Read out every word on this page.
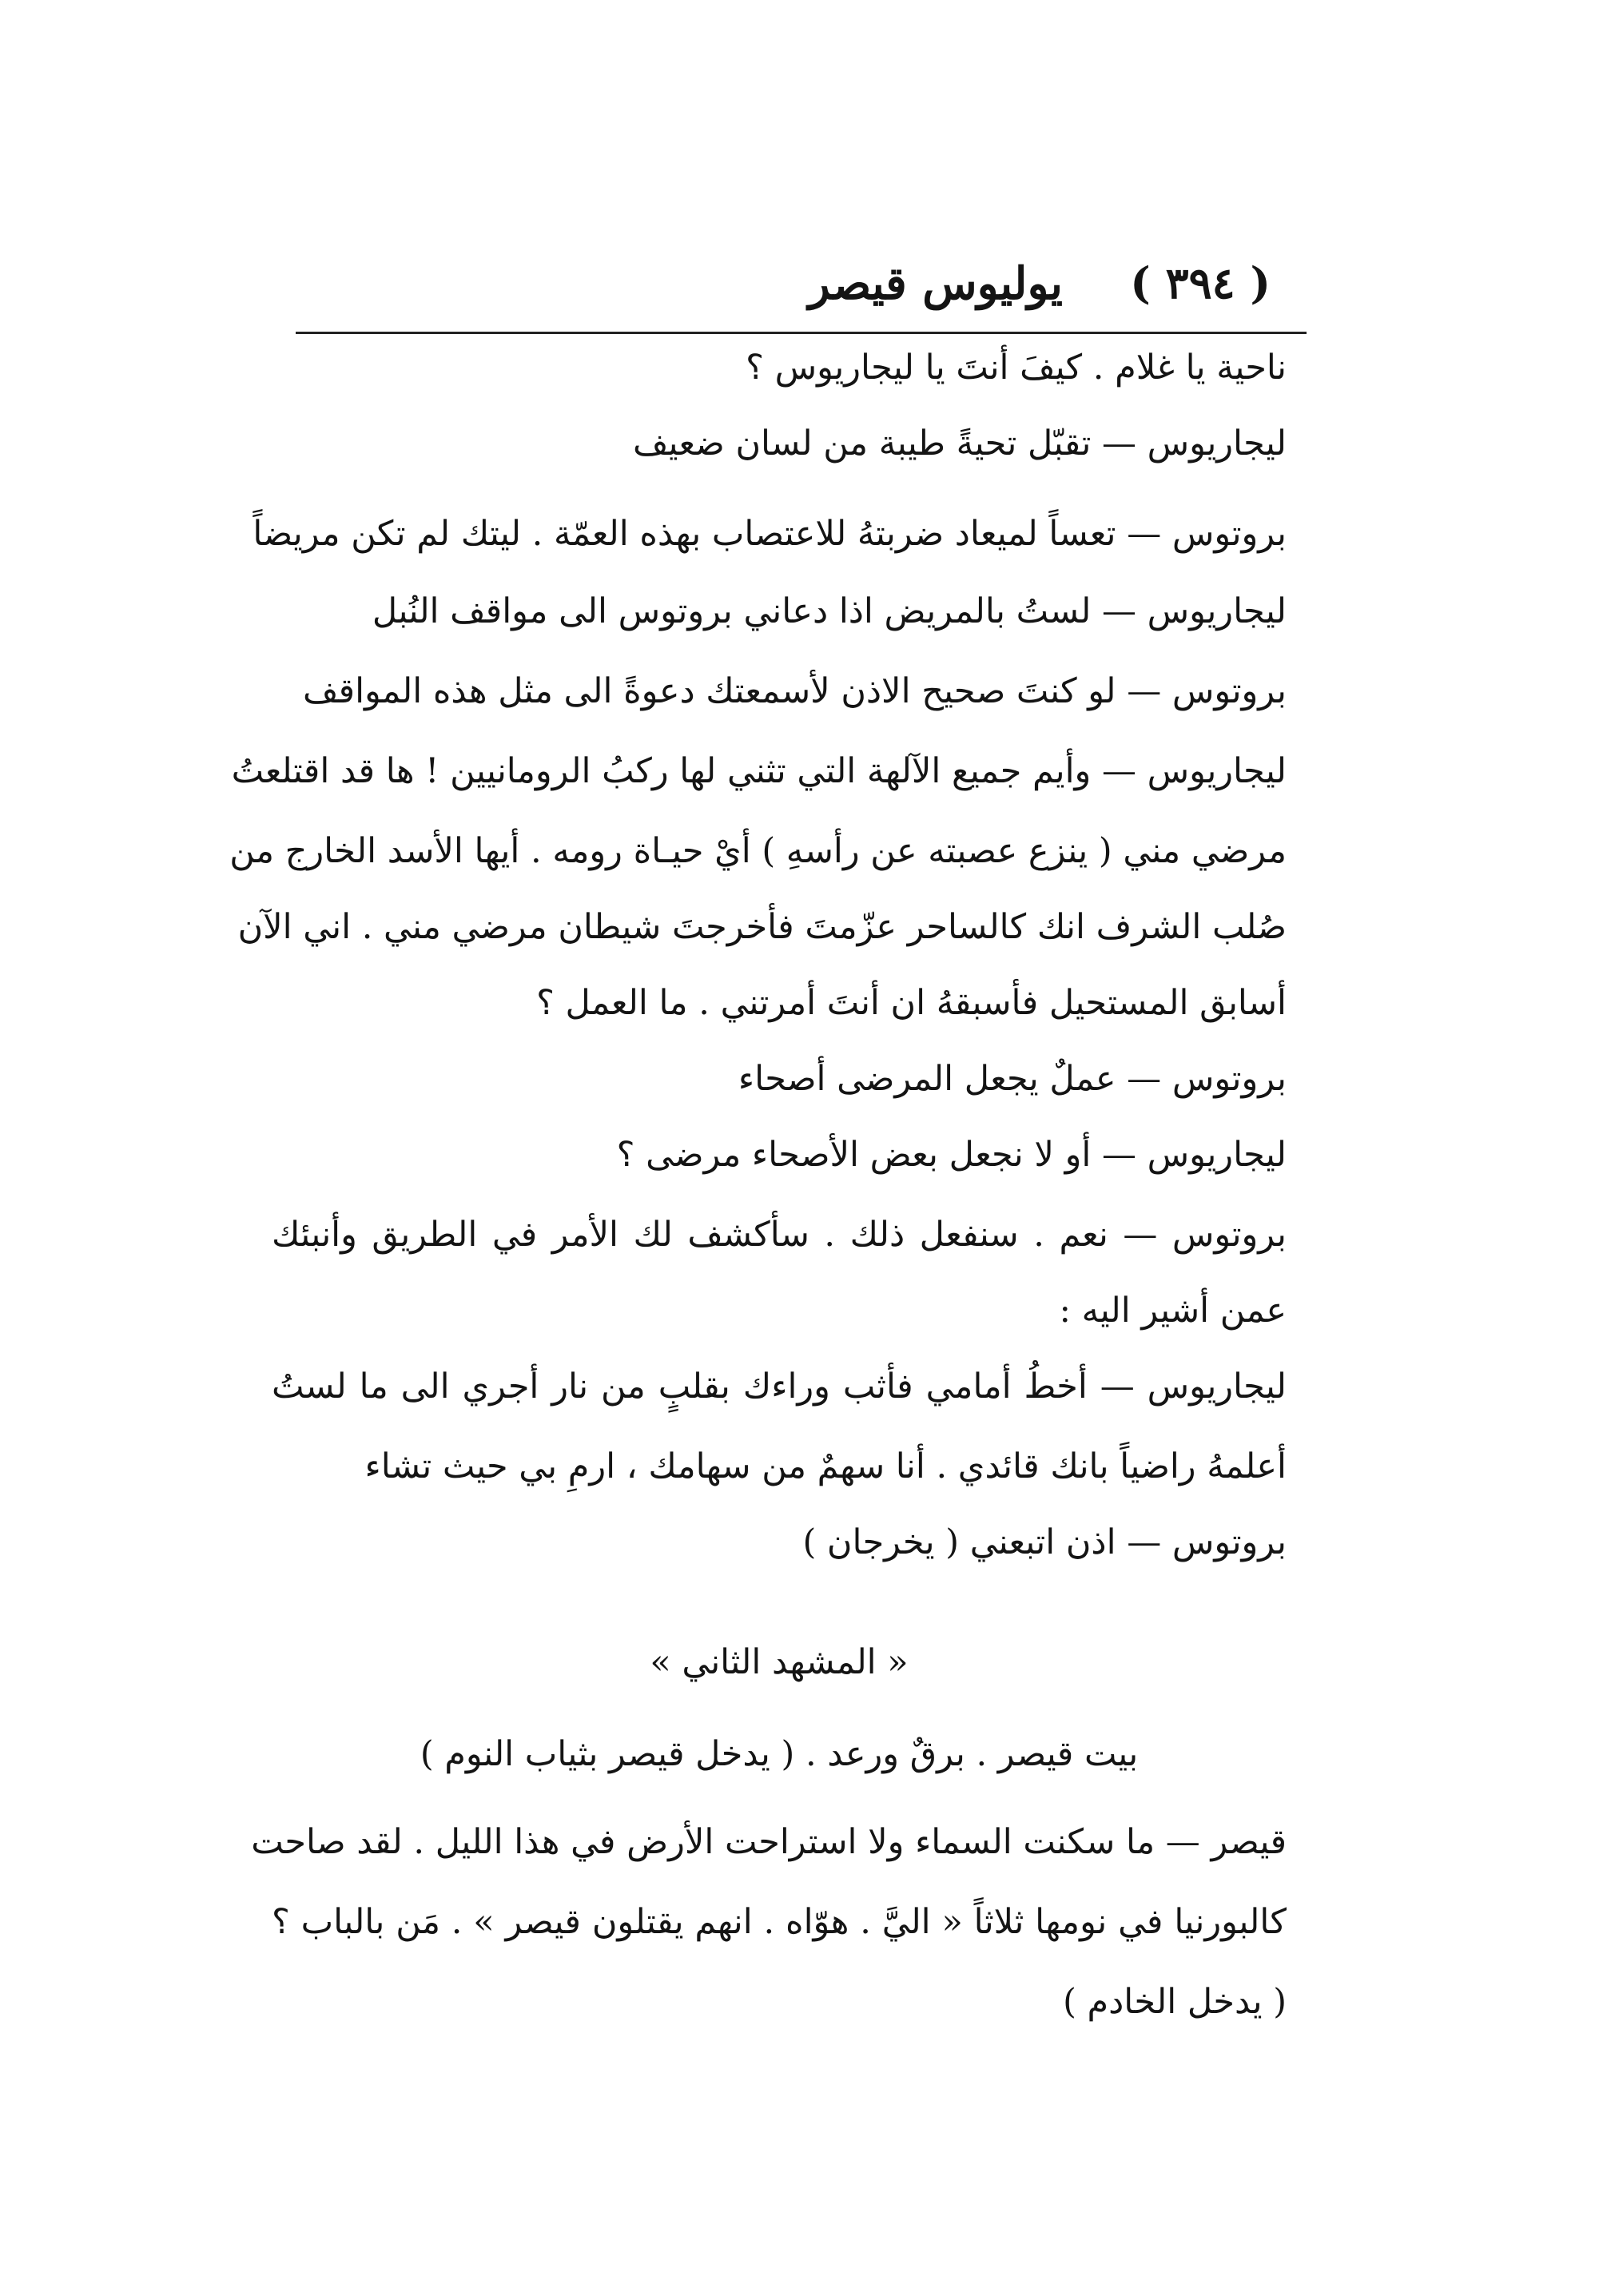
( ٣٩٤ )
يوليوس قيصر
ناحية يا غلام . كيفَ أنتَ يا ليجاريوس ؟
ليجاريوس — تقبّل تحيةً طيبة من لسان ضعيف
بروتوس — تعساً لميعاد ضربتهُ للاعتصاب بهذه العمّة . ليتك لم تكن مريضاً
ليجاريوس — لستُ بالمريض اذا دعاني بروتوس الى مواقف النُبل
بروتوس — لو كنتَ صحيح الاذن لأسمعتك دعوةً الى مثل هذه المواقف
ليجاريوس — وأيم جميع الآلهة التي تثني لها ركبُ الرومانيين ! ها قد اقتلعتُ
مرضي مني ( ينزع عصبته عن رأسهِ ) أيْ حيـاة رومه . أيها الأسد الخارج من
صُلب الشرف انك كالساحر عزّمتَ فأخرجتَ شيطان مرضي مني . اني الآن
أسابق المستحيل فأسبقهُ ان أنتَ أمرتني . ما العمل ؟
بروتوس — عملٌ يجعل المرضى أصحاء
ليجاريوس — أو لا نجعل بعض الأصحاء مرضى ؟
بروتوس — نعم . سنفعل ذلك . سأكشف لك الأمر في الطريق وأنبئك
عمن أشير اليه :
ليجاريوس — أخطُ أمامي فأثب وراءك بقلبٍ من نار أجري الى ما لستُ
أعلمهُ راضياً بانك قائدي . أنا سهمٌ من سهامك ، ارمِ بي حيث تشاء
بروتوس — اذن اتبعني ( يخرجان )
« المشهد الثاني »
بيت قيصر . برقٌ ورعد . ( يدخل قيصر بثياب النوم )
قيصر — ما سكنت السماء ولا استراحت الأرض في هذا الليل . لقد صاحت
كالبورنيا في نومها ثلاثاً « اليَّ . هوّاه . انهم يقتلون قيصر » . مَن بالباب ؟
( يدخل الخادم )
